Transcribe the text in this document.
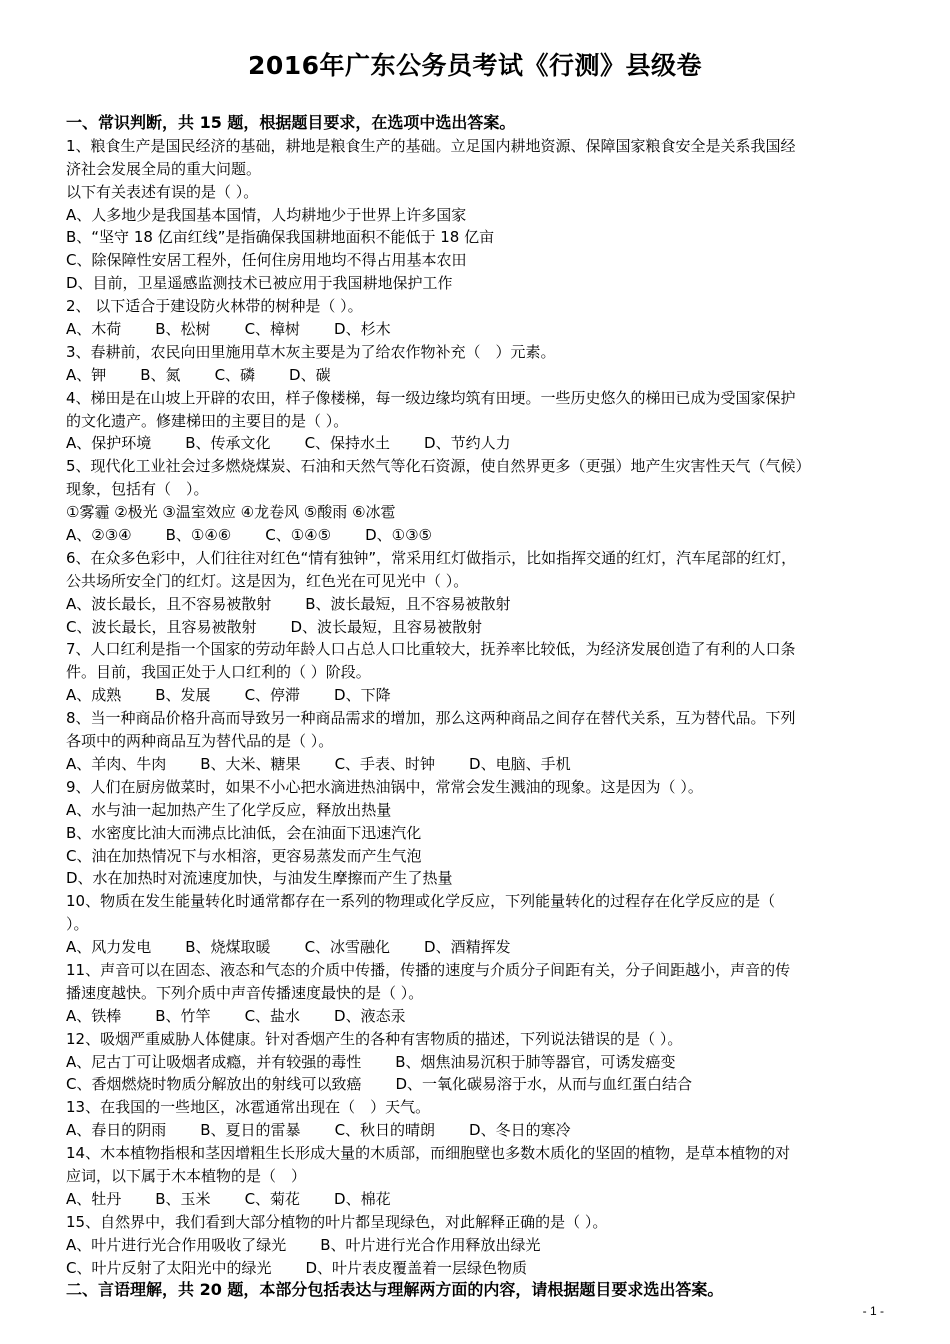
2016年广东公务员考试《行测》县级卷
一、常识判断，共 15 题，根据题目要求，在选项中选出答案。
1、粮食生产是国民经济的基础，耕地是粮食生产的基础。立足国内耕地资源、保障国家粮食安全是关系我国经
济社会发展全局的重大问题。
以下有关表述有误的是（ ）。
A、人多地少是我国基本国情，人均耕地少于世界上许多国家
B、“坚守 18 亿亩红线”是指确保我国耕地面积不能低于 18 亿亩
C、除保障性安居工程外，任何住房用地均不得占用基本农田
D、目前，卫星遥感监测技术已被应用于我国耕地保护工作
2、 以下适合于建设防火林带的树种是（ ）。
A、木荷 B、松树 C、樟树 D、杉木
3、春耕前，农民向田里施用草木灰主要是为了给农作物补充（　）元素。
A、钾 B、氮 C、磷 D、碳
4、梯田是在山坡上开辟的农田，样子像楼梯，每一级边缘均筑有田埂。一些历史悠久的梯田已成为受国家保护
的文化遗产。修建梯田的主要目的是（ ）。
A、保护环境 B、传承文化 C、保持水土 D、节约人力
5、现代化工业社会过多燃烧煤炭、石油和天然气等化石资源，使自然界更多（更强）地产生灾害性天气（气候）
现象，包括有（　）。
①雾霾 ②极光 ③温室效应 ④龙卷风 ⑤酸雨 ⑥冰雹
A、②③④ B、①④⑥ C、①④⑤ D、①③⑤
6、在众多色彩中，人们往往对红色“情有独钟”，常采用红灯做指示，比如指挥交通的红灯，汽车尾部的红灯，
公共场所安全门的红灯。这是因为，红色光在可见光中（ ）。
A、波长最长，且不容易被散射 B、波长最短，且不容易被散射
C、波长最长，且容易被散射 D、波长最短，且容易被散射
7、人口红利是指一个国家的劳动年龄人口占总人口比重较大，抚养率比较低，为经济发展创造了有利的人口条
件。目前，我国正处于人口红利的（ ）阶段。
A、成熟 B、发展 C、停滞 D、下降
8、当一种商品价格升高而导致另一种商品需求的增加，那么这两种商品之间存在替代关系，互为替代品。下列
各项中的两种商品互为替代品的是（ ）。
A、羊肉、牛肉 B、大米、糖果 C、手表、时钟 D、电脑、手机
9、人们在厨房做菜时，如果不小心把水滴进热油锅中，常常会发生溅油的现象。这是因为（ ）。
A、水与油一起加热产生了化学反应，释放出热量
B、水密度比油大而沸点比油低，会在油面下迅速汽化
C、油在加热情况下与水相溶，更容易蒸发而产生气泡
D、水在加热时对流速度加快，与油发生摩擦而产生了热量
10、物质在发生能量转化时通常都存在一系列的物理或化学反应，下列能量转化的过程存在化学反应的是（
）。
A、风力发电 B、烧煤取暖 C、冰雪融化 D、酒精挥发
11、声音可以在固态、液态和气态的介质中传播，传播的速度与介质分子间距有关，分子间距越小，声音的传
播速度越快。下列介质中声音传播速度最快的是（ ）。
A、铁棒 B、竹竿 C、盐水 D、液态汞
12、吸烟严重威胁人体健康。针对香烟产生的各种有害物质的描述，下列说法错误的是（ ）。
A、尼古丁可让吸烟者成瘾，并有较强的毒性 B、烟焦油易沉积于肺等器官，可诱发癌变
C、香烟燃烧时物质分解放出的射线可以致癌 D、一氧化碳易溶于水，从而与血红蛋白结合
13、在我国的一些地区，冰雹通常出现在（　）天气。
A、春日的阴雨 B、夏日的雷暴 C、秋日的晴朗 D、冬日的寒冷
14、木本植物指根和茎因增粗生长形成大量的木质部，而细胞壁也多数木质化的坚固的植物，是草本植物的对
应词，以下属于木本植物的是（　）
A、牡丹 B、玉米 C、菊花 D、棉花
15、自然界中，我们看到大部分植物的叶片都呈现绿色，对此解释正确的是（ ）。
A、叶片进行光合作用吸收了绿光 B、叶片进行光合作用释放出绿光
C、叶片反射了太阳光中的绿光 D、叶片表皮覆盖着一层绿色物质
二、言语理解，共 20 题，本部分包括表达与理解两方面的内容，请根据题目要求选出答案。
- 1 -
